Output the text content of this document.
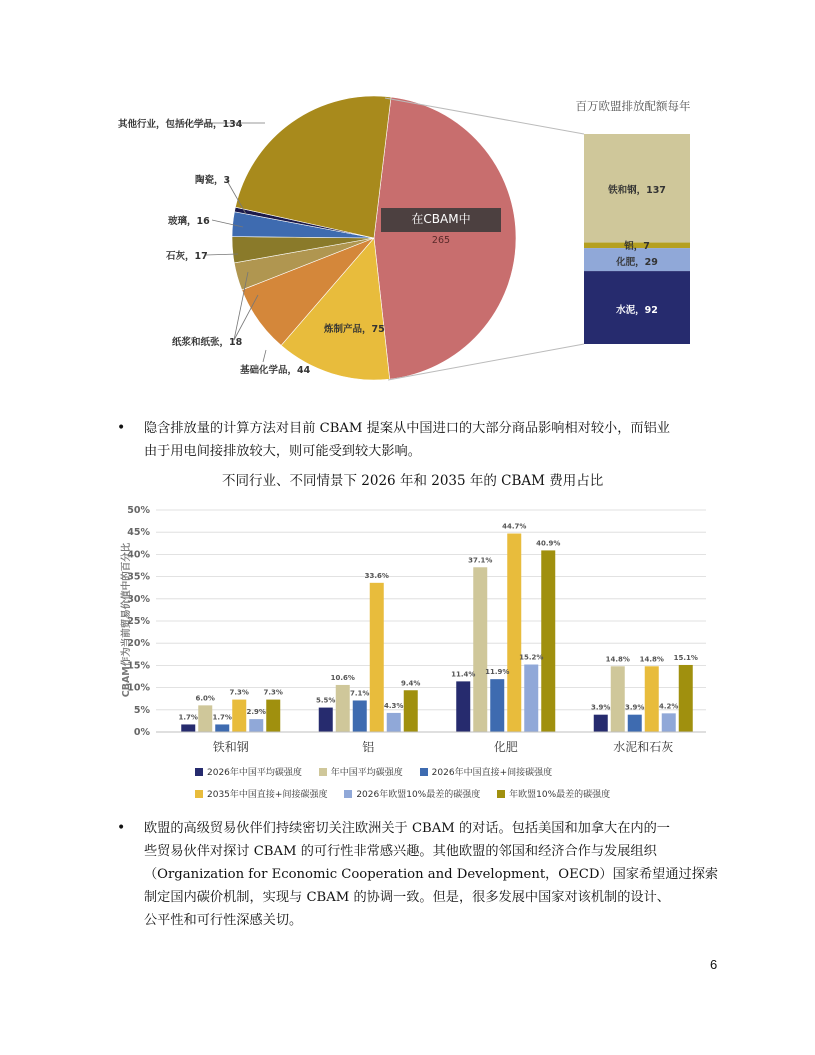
其他行业，包括化学品，134
陶瓷，3
玻璃，16
石灰，17
纸浆和纸张，18
基础化学品，44
炼制产品，75
在CBAM中
265
百万欧盟排放配额每年
铁和钢，137
铝，7
化肥，29
水泥，92
• 隐含排放量的计算方法对目前 CBAM 提案从中国进口的大部分商品影响相对较小，而铝业
由于用电间接排放较大，则可能受到较大影响。
不同行业、不同情景下 2026 年和 2035 年的 CBAM 费用占比
0%
5%
10%
15%
20%
25%
30%
35%
40%
45%
50%
1.7%
6.0%
1.7%
7.3%
2.9%
7.3%
5.5%
10.6%
7.1%
33.6%
4.3%
9.4%
11.4%
37.1%
11.9%
44.7%
15.2%
40.9%
3.9%
14.8%
3.9%
14.8%
4.2%
15.1%
铁和钢	铝	化肥	水泥和石灰
CBAM作为当前贸易价值中的百分比
2026年中国平均碳强度	年中国平均碳强度	2026年中国直接+间接碳强度
2035年中国直接+间接碳强度	2026年欧盟10%最差的碳强度	年欧盟10%最差的碳强度
• 欧盟的高级贸易伙伴们持续密切关注欧洲关于 CBAM 的对话。包括美国和加拿大在内的一
些贸易伙伴对探讨 CBAM 的可行性非常感兴趣。其他欧盟的邻国和经济合作与发展组织
（Organization for Economic Cooperation and Development，OECD）国家希望通过探索
制定国内碳价机制，实现与 CBAM 的协调一致。但是，很多发展中国家对该机制的设计、
公平性和可行性深感关切。
6
